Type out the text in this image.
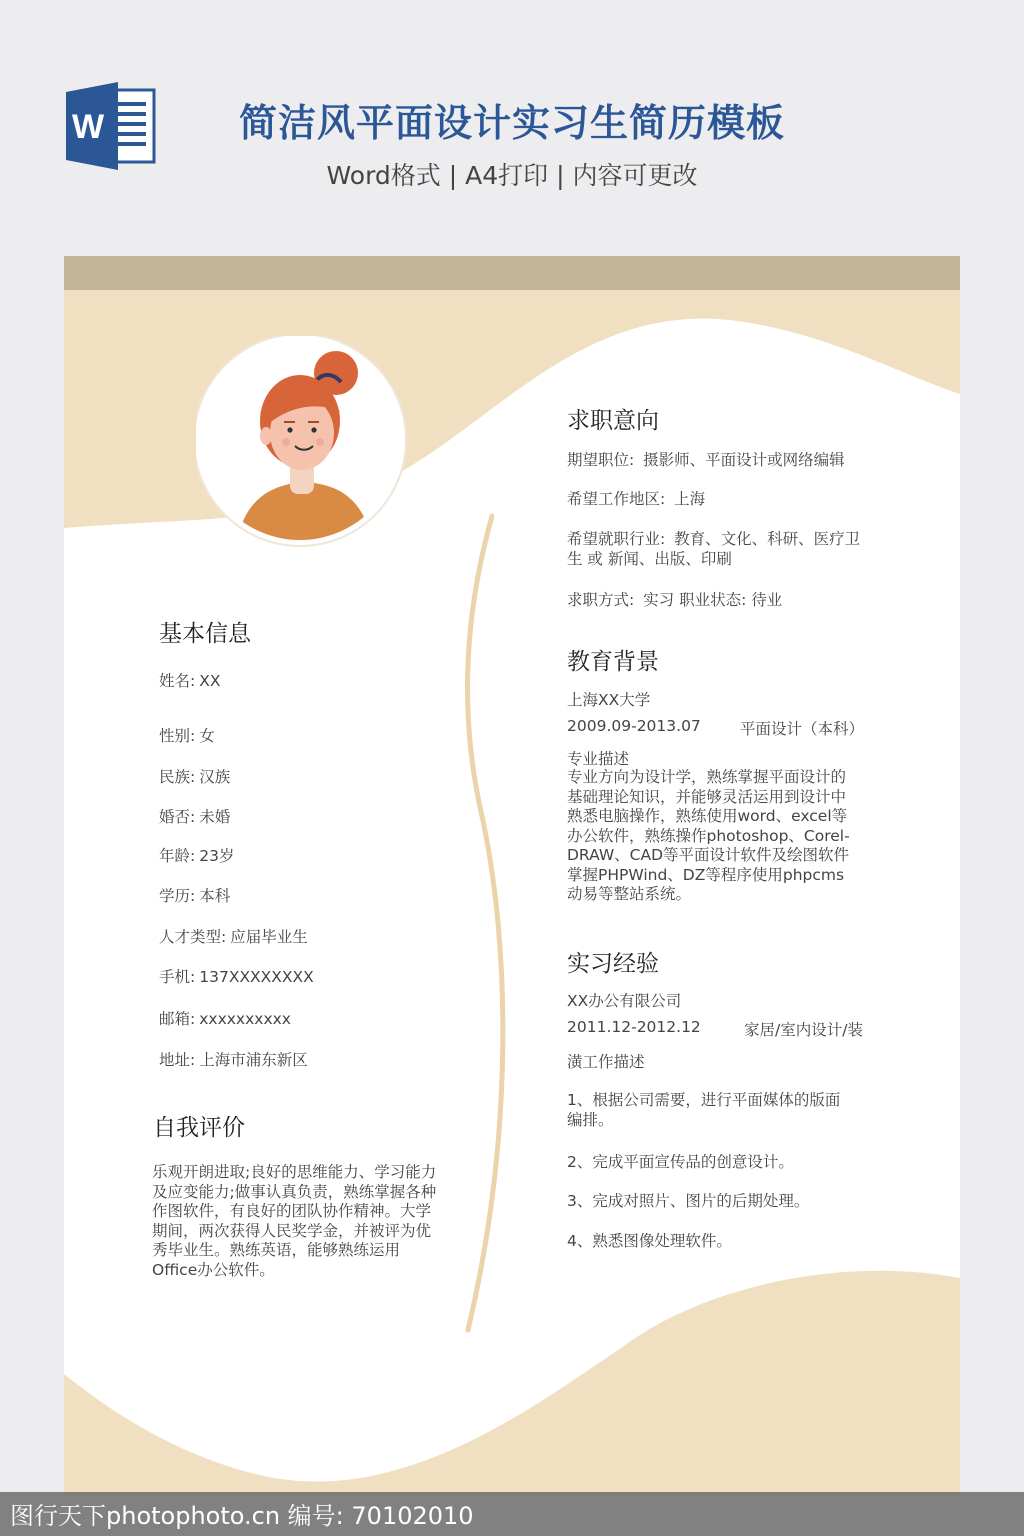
W	简洁风平面设计实习生简历模板
Word格式 | A4打印 | 内容可更改
基本信息
姓名: XX
性别: 女
民族: 汉族
婚否: 未婚
年龄: 23岁
学历: 本科
人才类型: 应届毕业生
手机: 137XXXXXXXX
邮箱: xxxxxxxxxx
地址: 上海市浦东新区
自我评价
乐观开朗进取;良好的思维能力、学习能力
及应变能力;做事认真负责，熟练掌握各种
作图软件，有良好的团队协作精神。大学
期间，两次获得人民奖学金，并被评为优
秀毕业生。熟练英语，能够熟练运用
Office办公软件。
求职意向
期望职位: 摄影师、平面设计或网络编辑
希望工作地区: 上海
希望就职行业: 教育、文化、科研、医疗卫
生 或 新闻、出版、印刷
求职方式: 实习 职业状态: 待业
教育背景
上海XX大学
2009.09-2013.07	平面设计（本科）
专业描述
专业方向为设计学，熟练掌握平面设计的
基础理论知识，并能够灵活运用到设计中
熟悉电脑操作，熟练使用word、excel等
办公软件，熟练操作photoshop、Corel-
DRAW、CAD等平面设计软件及绘图软件
掌握PHPWind、DZ等程序使用phpcms
动易等整站系统。
实习经验
XX办公有限公司
2011.12-2012.12	家居/室内设计/装
潢工作描述
1、根据公司需要，进行平面媒体的版面
编排。
2、完成平面宣传品的创意设计。
3、完成对照片、图片的后期处理。
4、熟悉图像处理软件。
图行天下photophoto.cn 编号: 70102010
